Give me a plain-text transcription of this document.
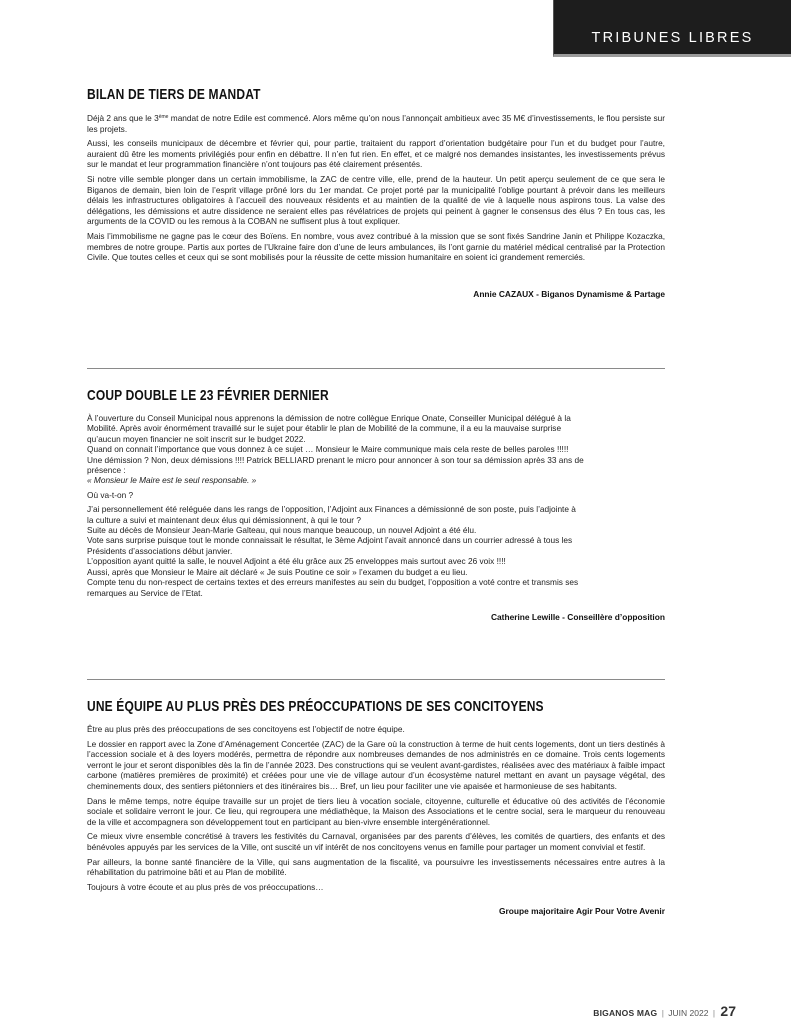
TRIBUNES LIBRES
BILAN DE TIERS DE MANDAT

Déjà 2 ans que le 3ème mandat de notre Edile est commencé. Alors même qu’on nous l’annonçait ambitieux avec 35 M€ d’investissements, le flou persiste sur les projets.

Aussi, les conseils municipaux de décembre et février qui, pour partie, traitaient du rapport d’orientation budgétaire pour l’un et du budget pour l’autre, auraient dû être les moments privilégiés pour enfin en débattre. Il n’en fut rien. En effet, et ce malgré nos demandes insistantes, les investissements prévus sur le mandat et leur programmation financière n’ont toujours pas été clairement présentés.

Si notre ville semble plonger dans un certain immobilisme, la ZAC de centre ville, elle, prend de la hauteur. Un petit aperçu seulement de ce que sera le Biganos de demain, bien loin de l’esprit village prôné lors du 1er mandat. Ce projet porté par la municipalité l’oblige pourtant à prévoir dans les meilleurs délais les infrastructures obligatoires à l’accueil des nouveaux résidents et au maintien de la qualité de vie à laquelle nous aspirons tous. La valse des délégations, les démissions et autre dissidence ne seraient elles pas révélatrices de projets qui peinent à gagner le consensus des élus ? En tous cas, les arguments de la COVID ou les remous à la COBAN ne suffisent plus à tout expliquer.

Mais l’immobilisme ne gagne pas le cœur des Boïens. En nombre, vous avez contribué à la mission que se sont fixés Sandrine Janin et Philippe Kozaczka, membres de notre groupe. Partis aux portes de l’Ukraine faire don d’une de leurs ambulances, ils l’ont garnie du matériel médical centralisé par la Protection Civile. Que toutes celles et ceux qui se sont mobilisés pour la réussite de cette mission humanitaire en soient ici grandement remerciés.

Annie CAZAUX - Biganos Dynamisme & Partage

COUP DOUBLE LE 23 FÉVRIER DERNIER

À l’ouverture du Conseil Municipal nous apprenons la démission de notre collègue Enrique Onate, Conseiller Municipal délégué à la

Mobilité. Après avoir énormément travaillé sur le sujet pour établir le plan de Mobilité de la commune, il a eu la mauvaise surprise

qu’aucun moyen financier ne soit inscrit sur le budget 2022.

Quand on connait l’importance que vous donnez à ce sujet … Monsieur le Maire communique mais cela reste de belles paroles !!!!!

Une démission ? Non, deux démissions !!!! Patrick BELLIARD prenant le micro pour annoncer à son tour sa démission après 33 ans de

présence :

« Monsieur le Maire est le seul responsable. »

Où va-t-on ?

J’ai personnellement été reléguée dans les rangs de l’opposition, l’Adjoint aux Finances a démissionné de son poste, puis l’adjointe à

la culture a suivi et maintenant deux élus qui démissionnent, à qui le tour ?

Suite au décès de Monsieur Jean-Marie Galteau, qui nous manque beaucoup, un nouvel Adjoint a été élu.

Vote sans surprise puisque tout le monde connaissait le résultat, le 3ème Adjoint l’avait annoncé dans un courrier adressé à tous les

Présidents d’associations début janvier.

L’opposition ayant quitté la salle, le nouvel Adjoint a été élu grâce aux 25 enveloppes mais surtout avec 26 voix !!!!

Aussi, après que Monsieur le Maire ait déclaré « Je suis Poutine ce soir » l’examen du budget a eu lieu.

Compte tenu du non-respect de certains textes et des erreurs manifestes au sein du budget, l’opposition a voté contre et transmis ses

remarques au Service de l’Etat.

Catherine Lewille - Conseillère d’opposition

UNE ÉQUIPE AU PLUS PRÈS DES PRÉOCCUPATIONS DE SES CONCITOYENS

Être au plus près des préoccupations de ses concitoyens est l’objectif de notre équipe.

Le dossier en rapport avec la Zone d’Aménagement Concertée (ZAC) de la Gare où la construction à terme de huit cents logements, dont un tiers destinés à l’accession sociale et à des loyers modérés, permettra de répondre aux nombreuses demandes de nos administrés en ce domaine. Trois cents logements verront le jour et seront disponibles dès la fin de l’année 2023. Des constructions qui se veulent avant-gardistes, réalisées avec des matériaux à faible impact carbone (matières premières de proximité) et créées pour une vie de village autour d’un écosystème naturel mettant en avant un paysage végétal, des cheminements doux, des sentiers piétonniers et des itinéraires bis… Bref, un lieu pour faciliter une vie apaisée et harmonieuse de ses habitants.

Dans le même temps, notre équipe travaille sur un projet de tiers lieu à vocation sociale, citoyenne, culturelle et éducative où des activités de l’économie sociale et solidaire verront le jour. Ce lieu, qui regroupera une médiathèque, la Maison des Associations et le centre social, sera le marqueur du renouveau de la ville et accompagnera son développement tout en participant au bien-vivre ensemble intergénérationnel.

Ce mieux vivre ensemble concrétisé à travers les festivités du Carnaval, organisées par des parents d’élèves, les comités de quartiers, des enfants et des bénévoles appuyés par les services de la Ville, ont suscité un vif intérêt de nos concitoyens venus en famille pour partager un moment convivial et festif.

Par ailleurs, la bonne santé financière de la Ville, qui sans augmentation de la fiscalité, va poursuivre les investissements nécessaires entre autres à la réhabilitation du patrimoine bâti et au Plan de mobilité.

Toujours à votre écoute et au plus près de vos préoccupations…

Groupe majoritaire Agir Pour Votre Avenir

BIGANOS MAG | JUIN 2022 | 27
